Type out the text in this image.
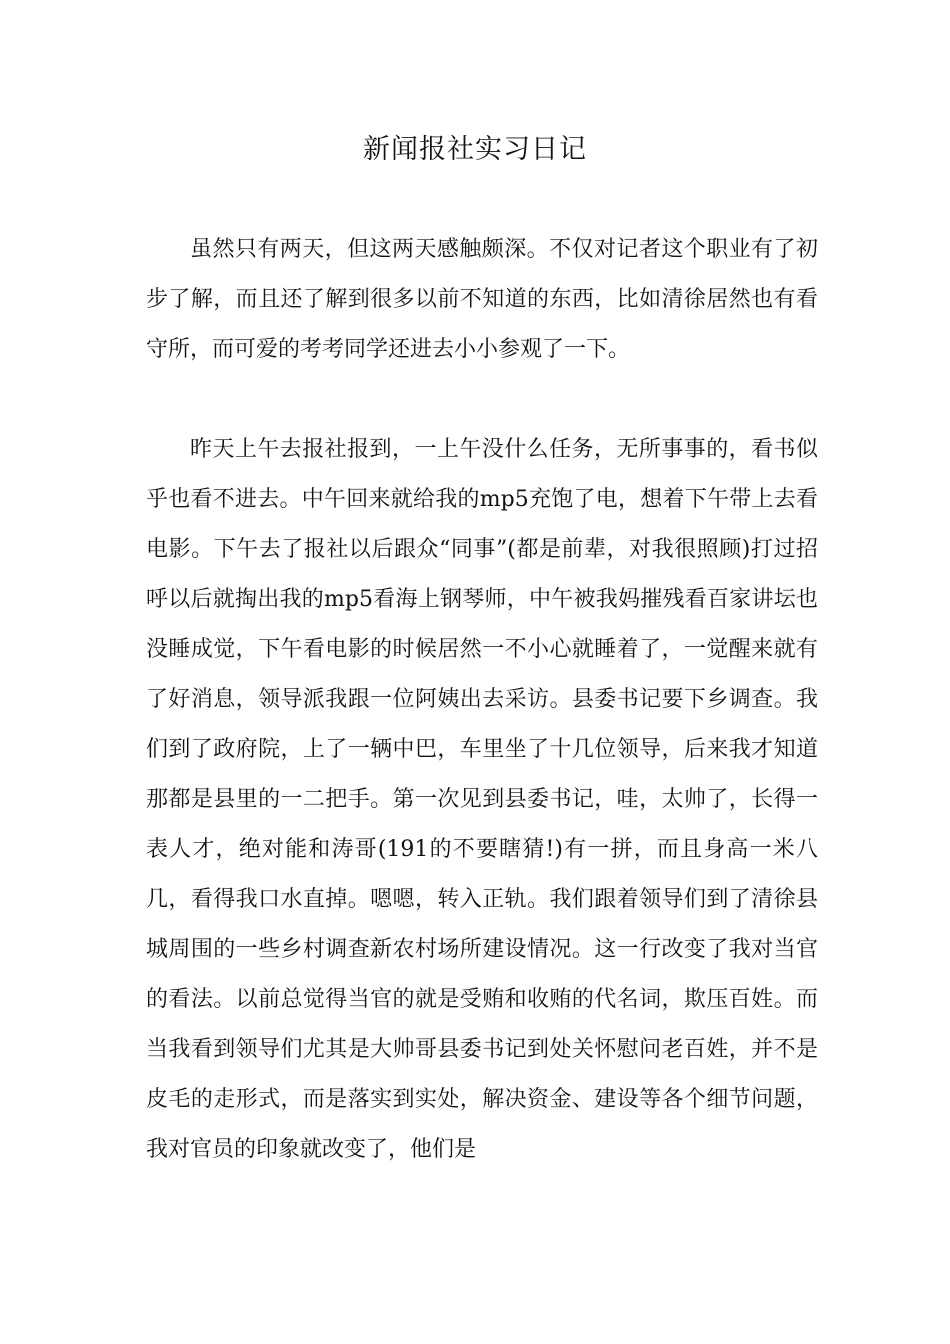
新闻报社实习日记

虽然只有两天，但这两天感触颇深。不仅对记者这个职业有了初步了解，而且还了解到很多以前不知道的东西，比如清徐居然也有看守所，而可爱的考考同学还进去小小参观了一下。

昨天上午去报社报到，一上午没什么任务，无所事事的，看书似乎也看不进去。中午回来就给我的mp5充饱了电，想着下午带上去看电影。下午去了报社以后跟众“同事”(都是前辈，对我很照顾)打过招呼以后就掏出我的mp5看海上钢琴师，中午被我妈摧残看百家讲坛也没睡成觉，下午看电影的时候居然一不小心就睡着了，一觉醒来就有了好消息，领导派我跟一位阿姨出去采访。县委书记要下乡调查。我们到了政府院，上了一辆中巴，车里坐了十几位领导，后来我才知道那都是县里的一二把手。第一次见到县委书记，哇，太帅了，长得一表人才，绝对能和涛哥(191的不要瞎猜!)有一拼，而且身高一米八几，看得我口水直掉。嗯嗯，转入正轨。我们跟着领导们到了清徐县城周围的一些乡村调查新农村场所建设情况。这一行改变了我对当官的看法。以前总觉得当官的就是受贿和收贿的代名词，欺压百姓。而当我看到领导们尤其是大帅哥县委书记到处关怀慰问老百姓，并不是皮毛的走形式，而是落实到实处，解决资金、建设等各个细节问题，我对官员的印象就改变了，他们是
